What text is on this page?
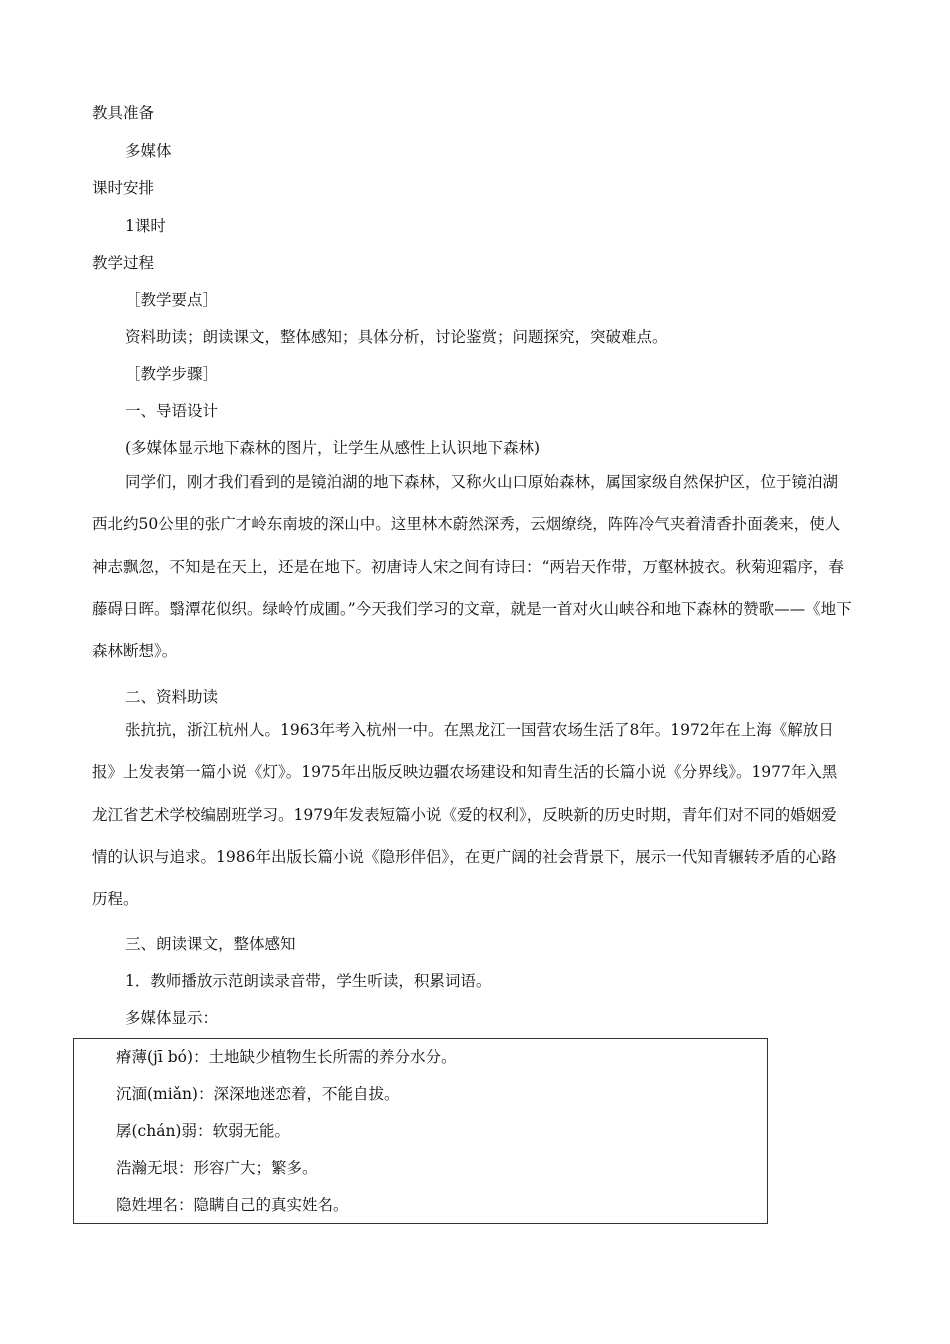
教具准备
多媒体
课时安排
1课时
教学过程
［教学要点］
资料助读；朗读课文，整体感知；具体分析，讨论鉴赏；问题探究，突破难点。
［教学步骤］
一、导语设计
(多媒体显示地下森林的图片，让学生从感性上认识地下森林)
同学们，刚才我们看到的是镜泊湖的地下森林，又称火山口原始森林，属国家级自然保护区，位于镜泊湖西北约50公里的张广才岭东南坡的深山中。这里林木蔚然深秀，云烟缭绕，阵阵冷气夹着清香扑面袭来，使人神志飘忽，不知是在天上，还是在地下。初唐诗人宋之间有诗曰：“两岩天作带，万壑林披衣。秋菊迎霜序，春藤碍日晖。翳潭花似织。绿岭竹成圃。”今天我们学习的文章，就是一首对火山峡谷和地下森林的赞歌——《地下森林断想》。
二、资料助读
张抗抗，浙江杭州人。1963年考入杭州一中。在黑龙江一国营农场生活了8年。1972年在上海《解放日报》上发表第一篇小说《灯》。1975年出版反映边疆农场建设和知青生活的长篇小说《分界线》。1977年入黑龙江省艺术学校编剧班学习。1979年发表短篇小说《爱的权利》，反映新的历史时期，青年们对不同的婚姻爱情的认识与追求。1986年出版长篇小说《隐形伴侣》，在更广阔的社会背景下，展示一代知青辗转矛盾的心路历程。
三、朗读课文，整体感知
1．教师播放示范朗读录音带，学生听读，积累词语。
多媒体显示：
瘠薄(jī bó)：土地缺少植物生长所需的养分水分。
沉湎(miǎn)：深深地迷恋着，不能自拔。
孱(chán)弱：软弱无能。
浩瀚无垠：形容广大；繁多。
隐姓埋名：隐瞒自己的真实姓名。
